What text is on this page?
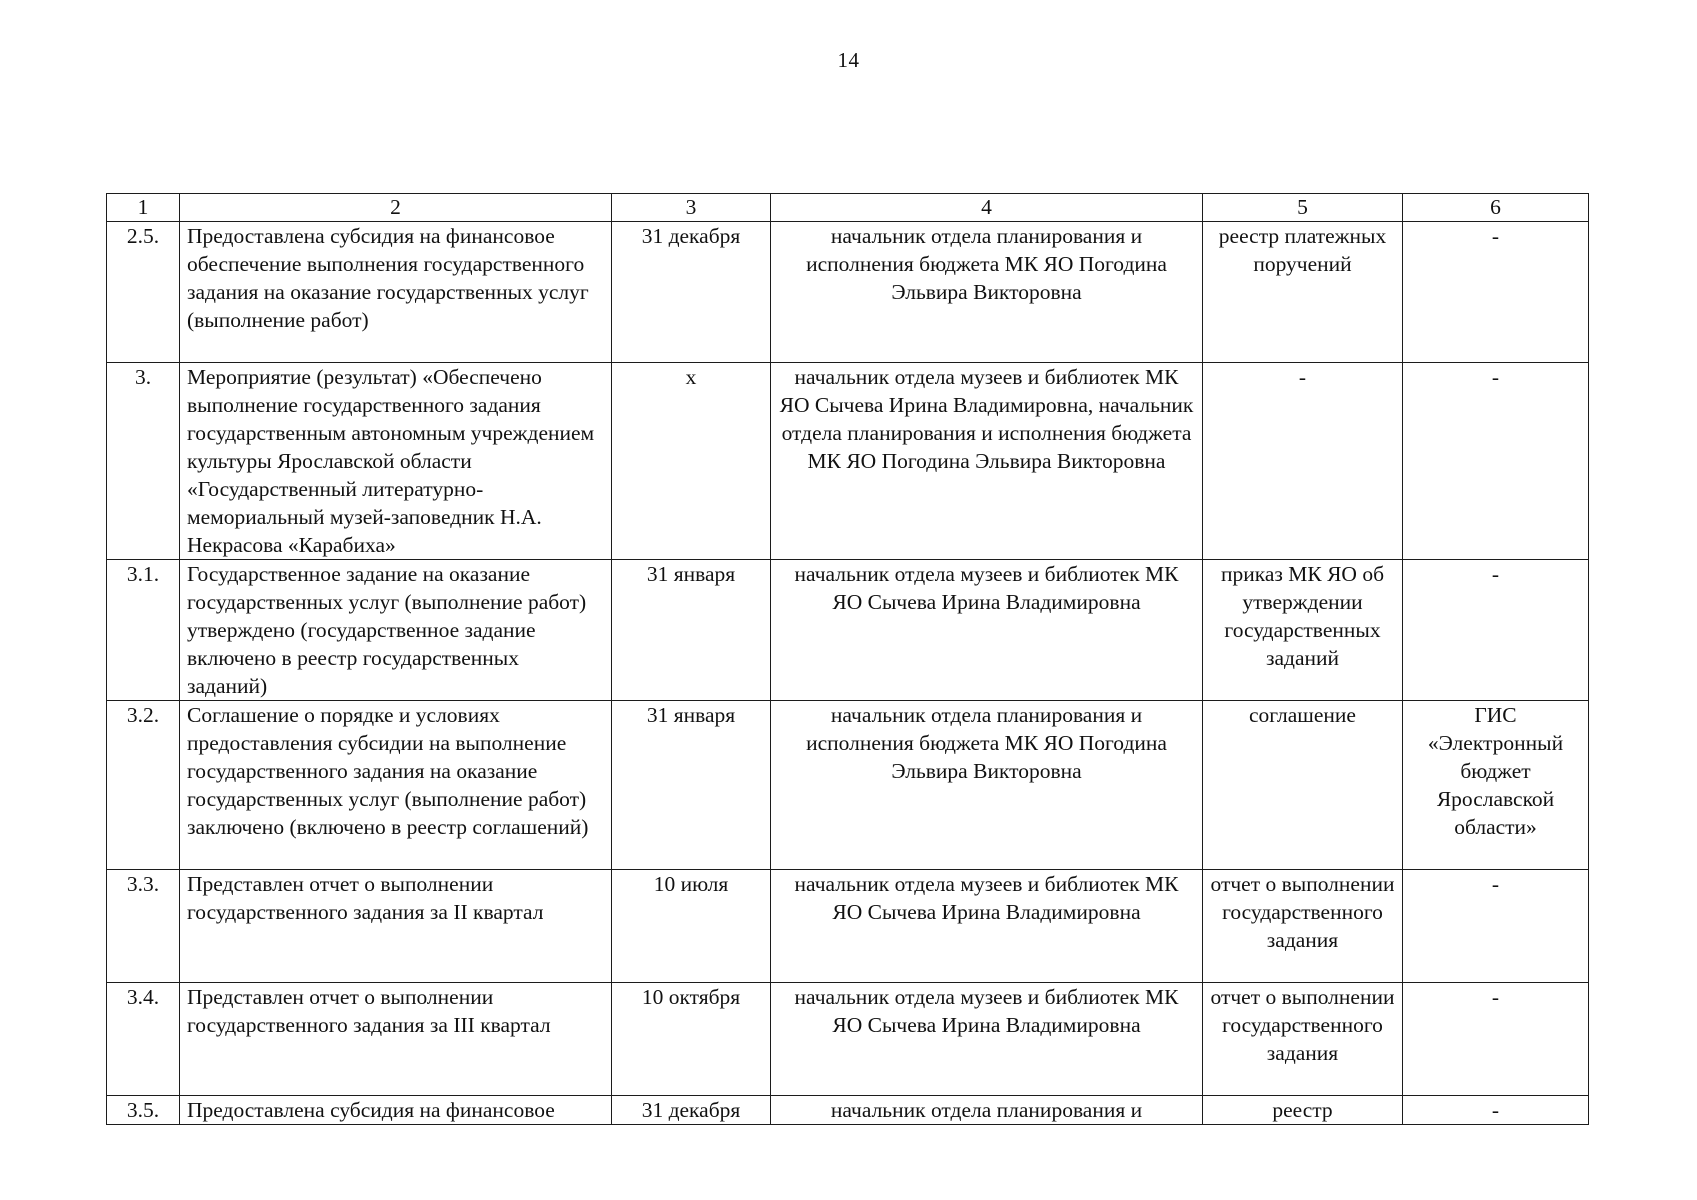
14
1	2	3	4	5	6
2.5.	Предоставлена субсидия на финансовое обеспечение выполнения государственного задания на оказание государственных услуг (выполнение работ)	31 декабря	начальник отдела планирования и исполнения бюджета МК ЯО Погодина Эльвира Викторовна	реестр платежных поручений	-
3.	Мероприятие (результат) «Обеспечено выполнение государственного задания государственным автономным учреждением культуры Ярославской области «Государственный литературно-мемориальный музей-заповедник Н.А. Некрасова «Карабиха»	х	начальник отдела музеев и библиотек МК ЯО Сычева Ирина Владимировна, начальник отдела планирования и исполнения бюджета МК ЯО Погодина Эльвира Викторовна	-	-
3.1.	Государственное задание на оказание государственных услуг (выполнение работ) утверждено (государственное задание включено в реестр государственных заданий)	31 января	начальник отдела музеев и библиотек МК ЯО Сычева Ирина Владимировна	приказ МК ЯО об утверждении государственных заданий	-
3.2.	Соглашение о порядке и условиях предоставления субсидии на выполнение государственного задания на оказание государственных услуг (выполнение работ) заключено (включено в реестр соглашений)	31 января	начальник отдела планирования и исполнения бюджета МК ЯО Погодина Эльвира Викторовна	соглашение	ГИС «Электронный бюджет Ярославской области»
3.3.	Представлен отчет о выполнении государственного задания за II квартал	10 июля	начальник отдела музеев и библиотек МК ЯО Сычева Ирина Владимировна	отчет о выполнении государственного задания	-
3.4.	Представлен отчет о выполнении государственного задания за III квартал	10 октября	начальник отдела музеев и библиотек МК ЯО Сычева Ирина Владимировна	отчет о выполнении государственного задания	-
3.5.	Предоставлена субсидия на финансовое	31 декабря	начальник отдела планирования и	реестр	-
